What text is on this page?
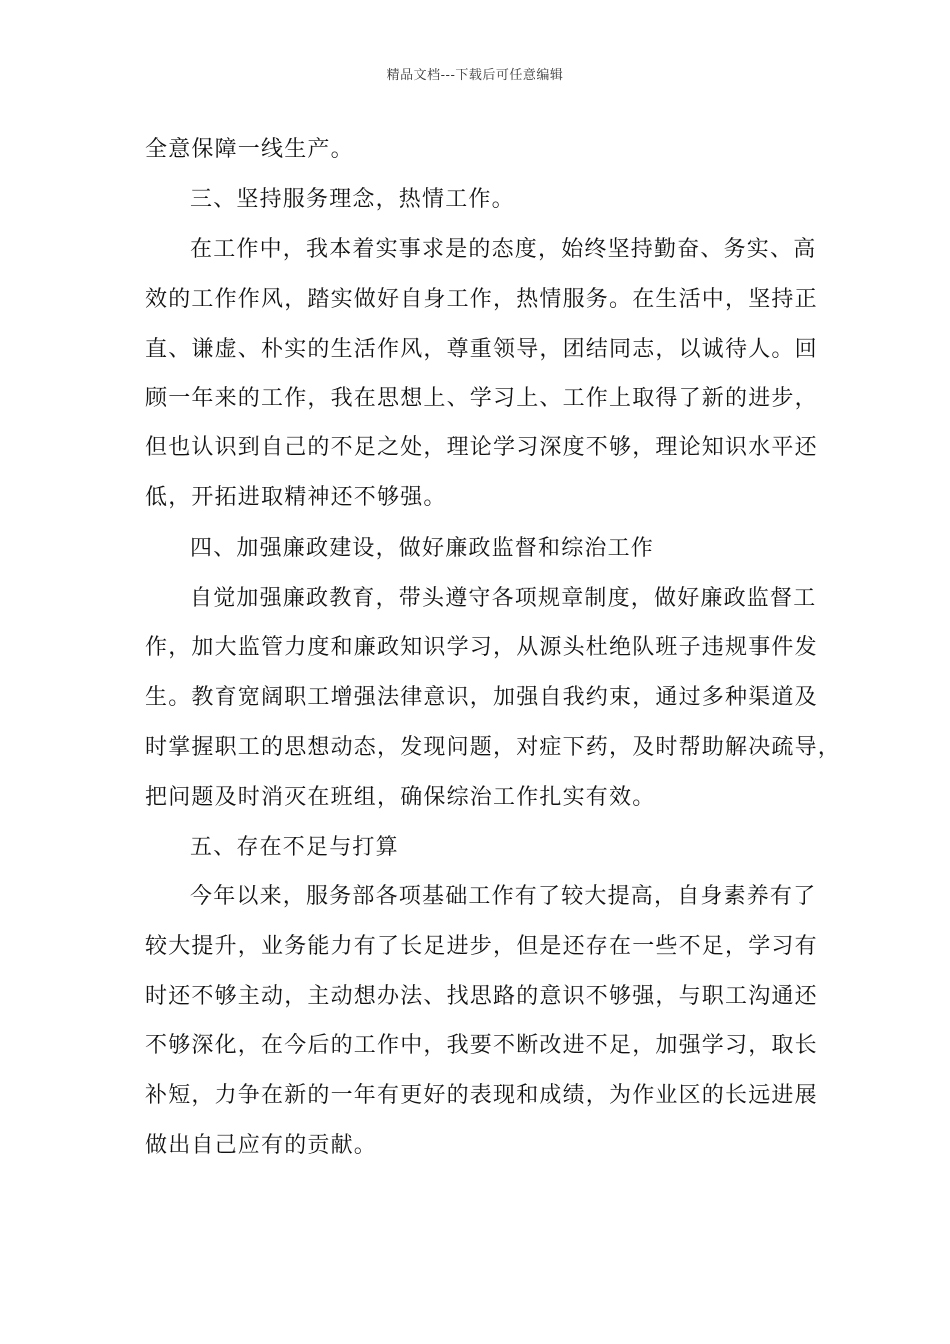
精品文档---下载后可任意编辑
全意保障一线生产。
三、坚持服务理念，热情工作。
在工作中，我本着实事求是的态度，始终坚持勤奋、务实、高
效的工作作风，踏实做好自身工作，热情服务。在生活中，坚持正
直、谦虚、朴实的生活作风，尊重领导，团结同志，以诚待人。回
顾一年来的工作，我在思想上、学习上、工作上取得了新的进步，
但也认识到自己的不足之处，理论学习深度不够，理论知识水平还
低，开拓进取精神还不够强。
四、加强廉政建设，做好廉政监督和综治工作
自觉加强廉政教育，带头遵守各项规章制度，做好廉政监督工
作，加大监管力度和廉政知识学习，从源头杜绝队班子违规事件发
生。教育宽阔职工增强法律意识，加强自我约束，通过多种渠道及
时掌握职工的思想动态，发现问题，对症下药，及时帮助解决疏导，
把问题及时消灭在班组，确保综治工作扎实有效。
五、存在不足与打算
今年以来，服务部各项基础工作有了较大提高，自身素养有了
较大提升，业务能力有了长足进步，但是还存在一些不足，学习有
时还不够主动，主动想办法、找思路的意识不够强，与职工沟通还
不够深化，在今后的工作中，我要不断改进不足，加强学习，取长
补短，力争在新的一年有更好的表现和成绩，为作业区的长远进展
做出自己应有的贡献。
